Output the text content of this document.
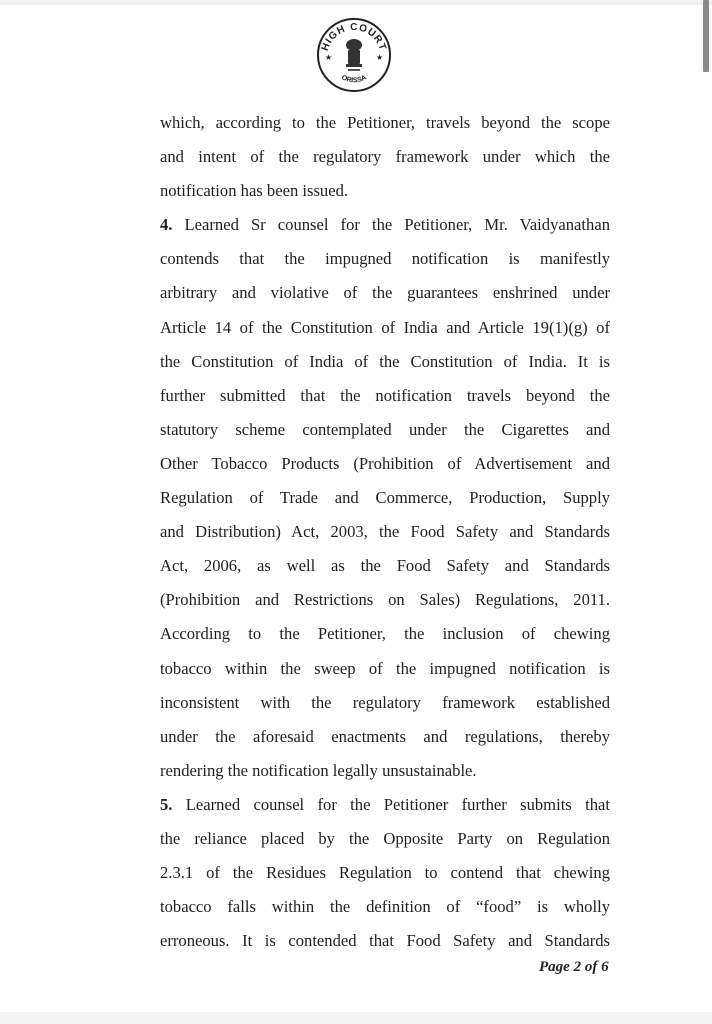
HIGH COURT
ORISSA
★	★
which, according to the Petitioner, travels beyond the scope
and intent of the regulatory framework under which the
notification has been issued.
4. Learned Sr counsel for the Petitioner, Mr. Vaidyanathan
contends that the impugned notification is manifestly
arbitrary and violative of the guarantees enshrined under
Article 14 of the Constitution of India and Article 19(1)(g) of
the Constitution of India of the Constitution of India. It is
further submitted that the notification travels beyond the
statutory scheme contemplated under the Cigarettes and
Other Tobacco Products (Prohibition of Advertisement and
Regulation of Trade and Commerce, Production, Supply
and Distribution) Act, 2003, the Food Safety and Standards
Act, 2006, as well as the Food Safety and Standards
(Prohibition and Restrictions on Sales) Regulations, 2011.
According to the Petitioner, the inclusion of chewing
tobacco within the sweep of the impugned notification is
inconsistent with the regulatory framework established
under the aforesaid enactments and regulations, thereby
rendering the notification legally unsustainable.
5. Learned counsel for the Petitioner further submits that
the reliance placed by the Opposite Party on Regulation
2.3.1 of the Residues Regulation to contend that chewing
tobacco falls within the definition of “food” is wholly
erroneous. It is contended that Food Safety and Standards
Page 2 of 6
